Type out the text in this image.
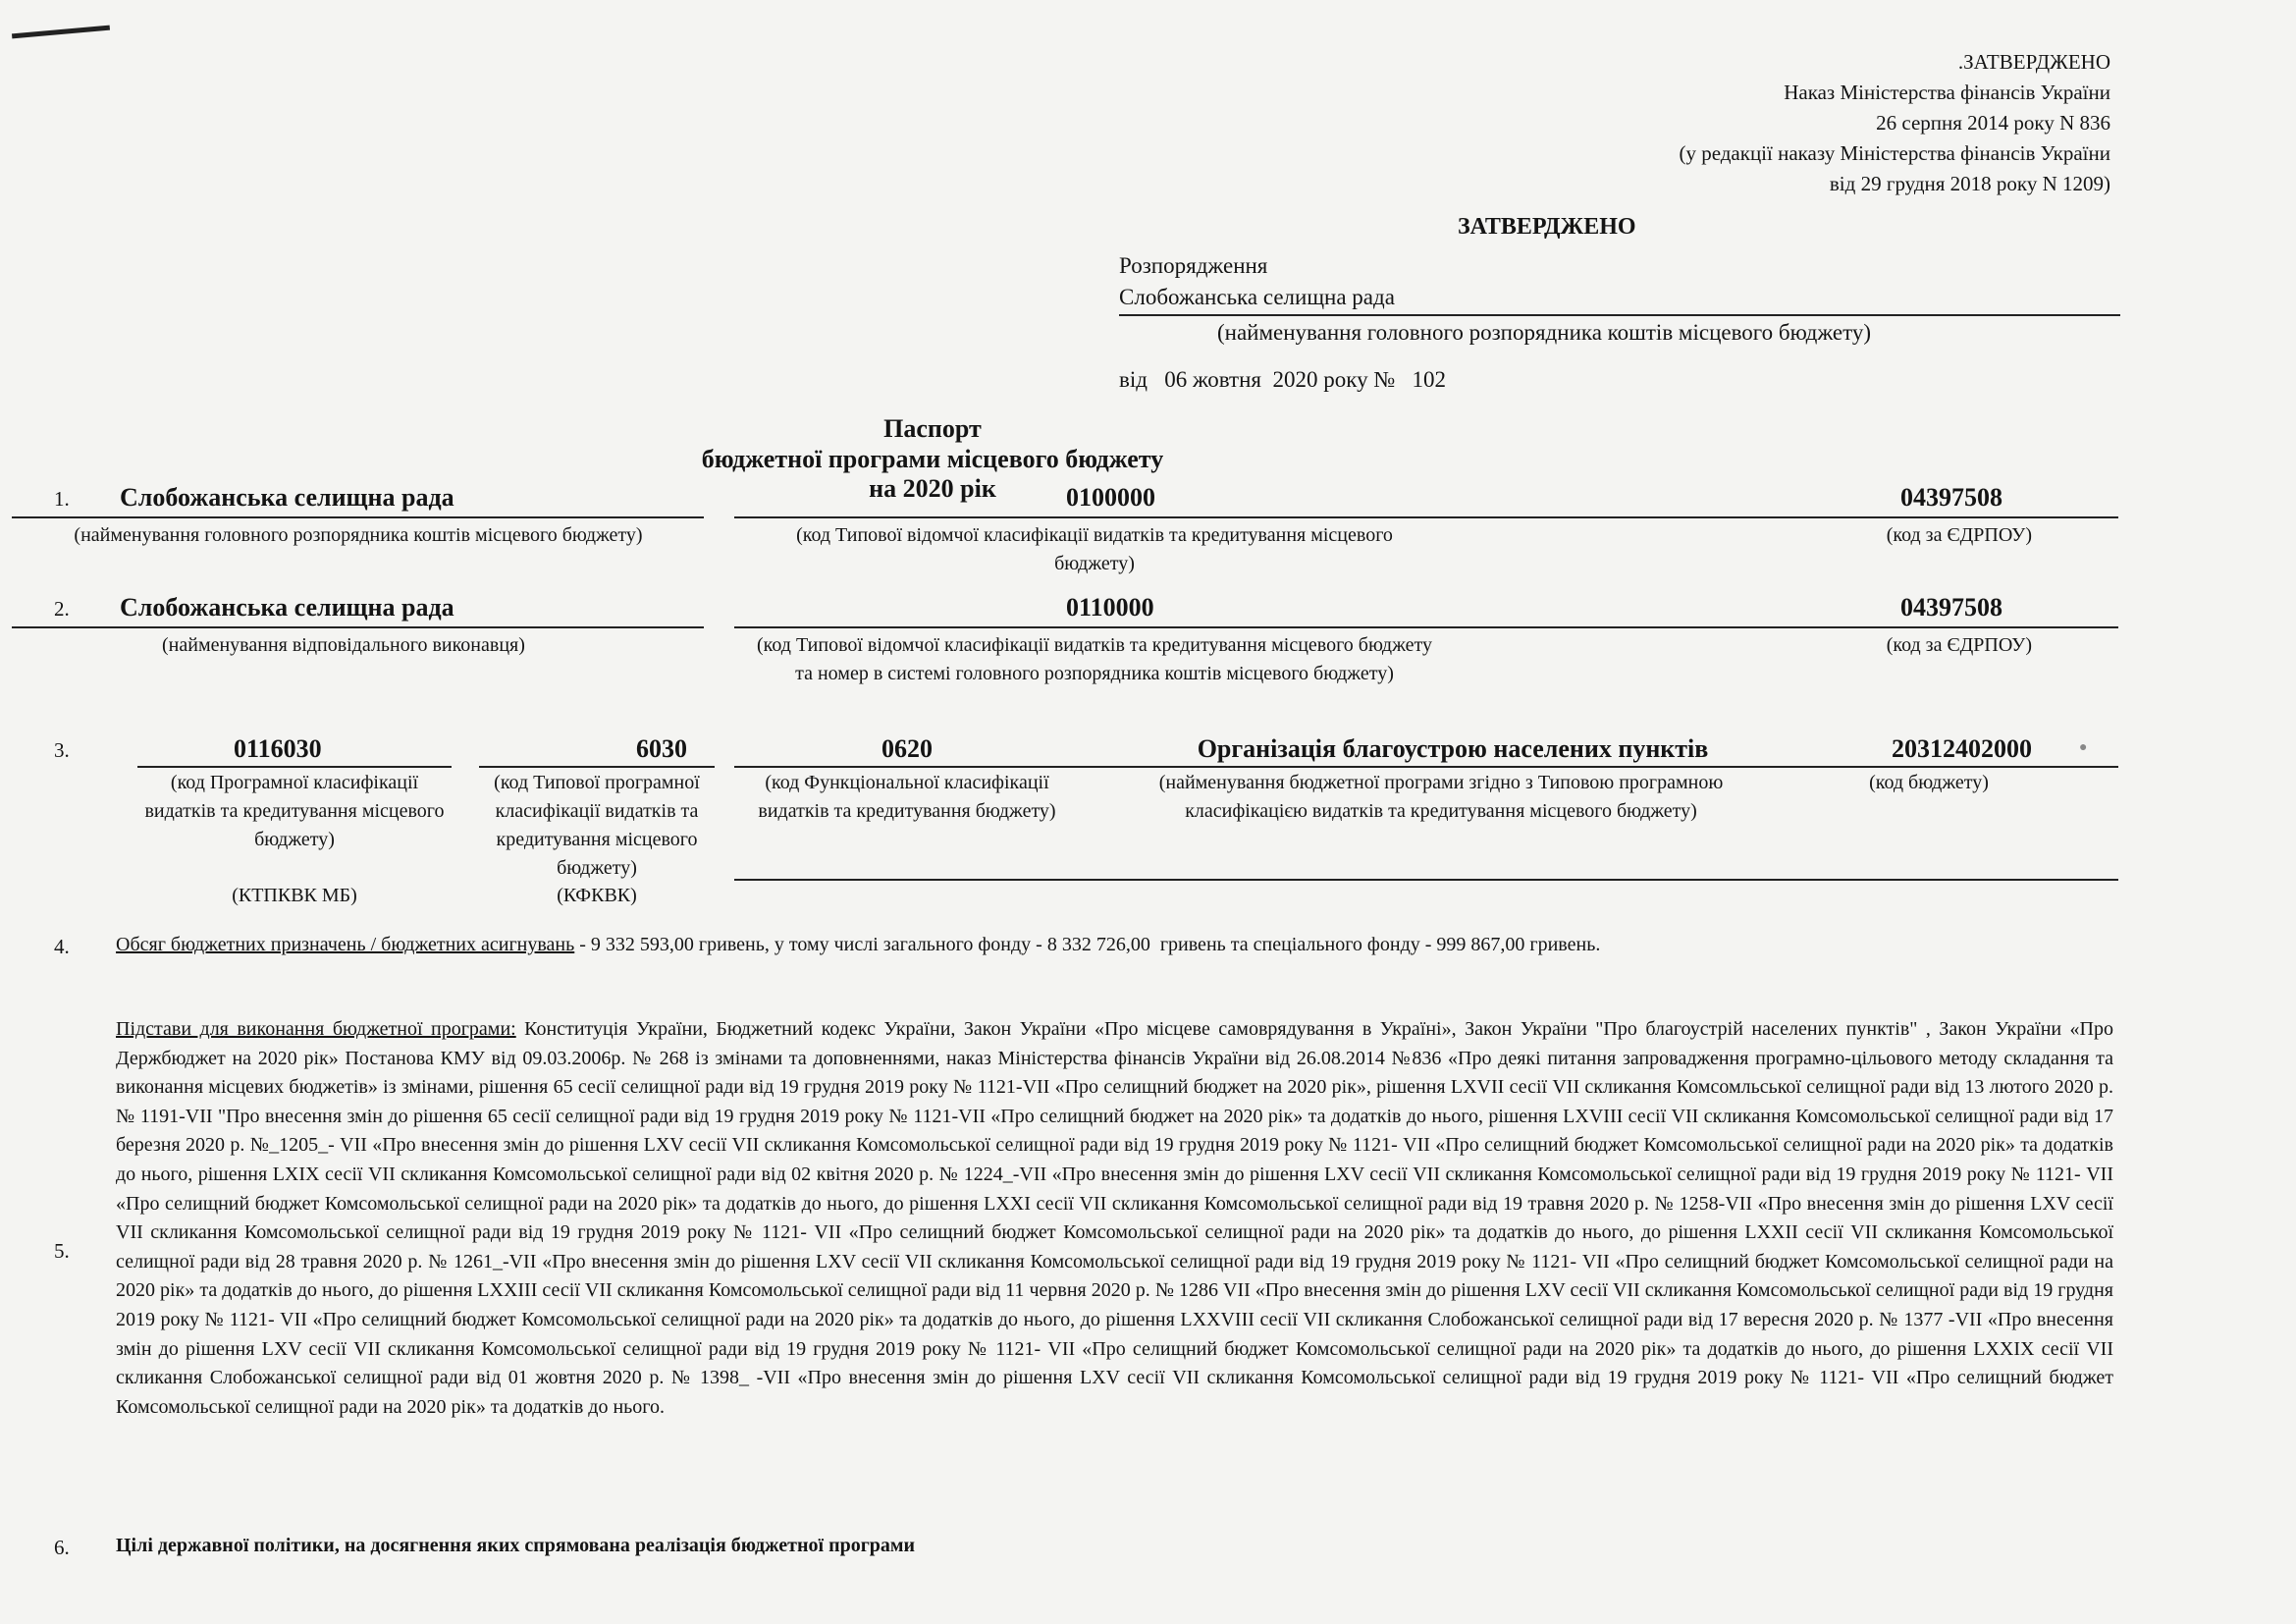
.ЗАТВЕРДЖЕНО
Наказ Міністерства фінансів України
26 серпня 2014 року N 836
(у редакції наказу Міністерства фінансів України
від 29 грудня 2018 року N 1209)
ЗАТВЕРДЖЕНО
Розпорядження
Слобожанська селищна рада
(найменування головного розпорядника коштів місцевого бюджету)
від   06 жовтня  2020 року №   102
Паспорт
бюджетної програми місцевого бюджету на 2020 рік
1. Слобожанська селищна рада	0100000	04397508
(найменування головного розпорядника коштів місцевого бюджету)	(код Типової відомчої класифікації видатків та кредитування місцевого бюджету)
(код за ЄДРПОУ)
2. Слобожанська селищна рада	0110000	04397508
(найменування відповідального виконавця)	(код Типової відомчої класифікації видатків та кредитування місцевого бюджету та номер в системі головного розпорядника коштів місцевого бюджету)
(код за ЄДРПОУ)
3.	0116030	6030	0620	Організація благоустрою населених пунктів	20312402000	●
(код Програмної класифікації видатків та кредитування місцевого бюджету)
(код Типової програмної класифікації видатків та кредитування місцевого бюджету)
(код Функціональної класифікації видатків та кредитування бюджету)
(найменування бюджетної програми згідно з Типовою програмною класифікацією видатків та кредитування місцевого бюджету)
(код бюджету)
(КТПКВК МБ)	(КФКВК)
4. Обсяг бюджетних призначень / бюджетних асигнувань - 9 332 593,00 гривень, у тому числі загального фонду - 8 332 726,00  гривень та спеціального фонду - 999 867,00 гривень.
5.
Підстави для виконання бюджетної програми: Конституція України, Бюджетний кодекс України, Закон України «Про місцеве самоврядування в Україні», Закон України "Про благоустрій населених пунктів" , Закон України «Про Держбюджет на 2020 рік» Постанова КМУ від 09.03.2006р. № 268 із змінами та доповненнями, наказ Міністерства фінансів України від 26.08.2014 №836 «Про деякі питання запровадження програмно-цільового методу складання та виконання місцевих бюджетів» із змінами, рішення 65 сесії селищної ради від 19 грудня 2019 року № 1121-VII «Про селищний бюджет на 2020 рік», рішення LXVII сесії VII скликання Комсомльської селищної ради від 13 лютого 2020 р. № 1191-VII "Про внесення змін до рішення 65 сесії селищної ради від 19 грудня 2019 року № 1121-VII «Про селищний бюджет на 2020 рік» та додатків до нього, рішення LXVIII сесії VII скликання Комсомольської селищної ради від 17 березня 2020 р. №_1205_- VII «Про внесення змін до рішення LXV сесії VII скликання Комсомольської селищної ради від 19 грудня 2019 року № 1121- VII «Про селищний бюджет Комсомольської селищної ради на 2020 рік» та додатків до нього, рішення LXIX сесії VII скликання Комсомольської селищної ради від 02 квітня 2020 р. № 1224_-VII «Про внесення змін до рішення LXV сесії VII скликання Комсомольської селищної ради від 19 грудня 2019 року № 1121- VII «Про селищний бюджет Комсомольської селищної ради на 2020 рік» та додатків до нього, до рішення LXXI сесії VII скликання Комсомольської селищної ради від 19 травня 2020 р. № 1258-VII «Про внесення змін до рішення LXV сесії VII скликання Комсомольської селищної ради від 19 грудня 2019 року № 1121- VII «Про селищний бюджет Комсомольської селищної ради на 2020 рік» та додатків до нього, до рішення LXXII сесії VII скликання Комсомольської селищної ради від 28 травня 2020 р. № 1261_-VII «Про внесення змін до рішення LXV сесії VII скликання Комсомольської селищної ради від 19 грудня 2019 року № 1121- VII «Про селищний бюджет Комсомольської селищної ради на 2020 рік» та додатків до нього, до рішення LXXIII сесії VII скликання Комсомольської селищної ради від 11 червня 2020 р. № 1286 VII «Про внесення змін до рішення LXV сесії VII скликання Комсомольської селищної ради від 19 грудня 2019 року № 1121- VII «Про селищний бюджет Комсомольської селищної ради на 2020 рік» та додатків до нього, до рішення LXXVIII сесії VII скликання Слобожанської селищної ради від 17 вересня 2020 р. № 1377 -VII «Про внесення змін до рішення LXV сесії VII скликання Комсомольської селищної ради від 19 грудня 2019 року № 1121- VII «Про селищний бюджет Комсомольської селищної ради на 2020 рік» та додатків до нього, до рішення LXXIX сесії VII скликання Слобожанської селищної ради від 01 жовтня 2020 р. № 1398_ -VII «Про внесення змін до рішення LXV сесії VII скликання Комсомольської селищної ради від 19 грудня 2019 року № 1121- VII «Про селищний бюджет Комсомольської селищної ради на 2020 рік» та додатків до нього.
6. Цілі державної політики, на досягнення яких спрямована реалізація бюджетної програми
